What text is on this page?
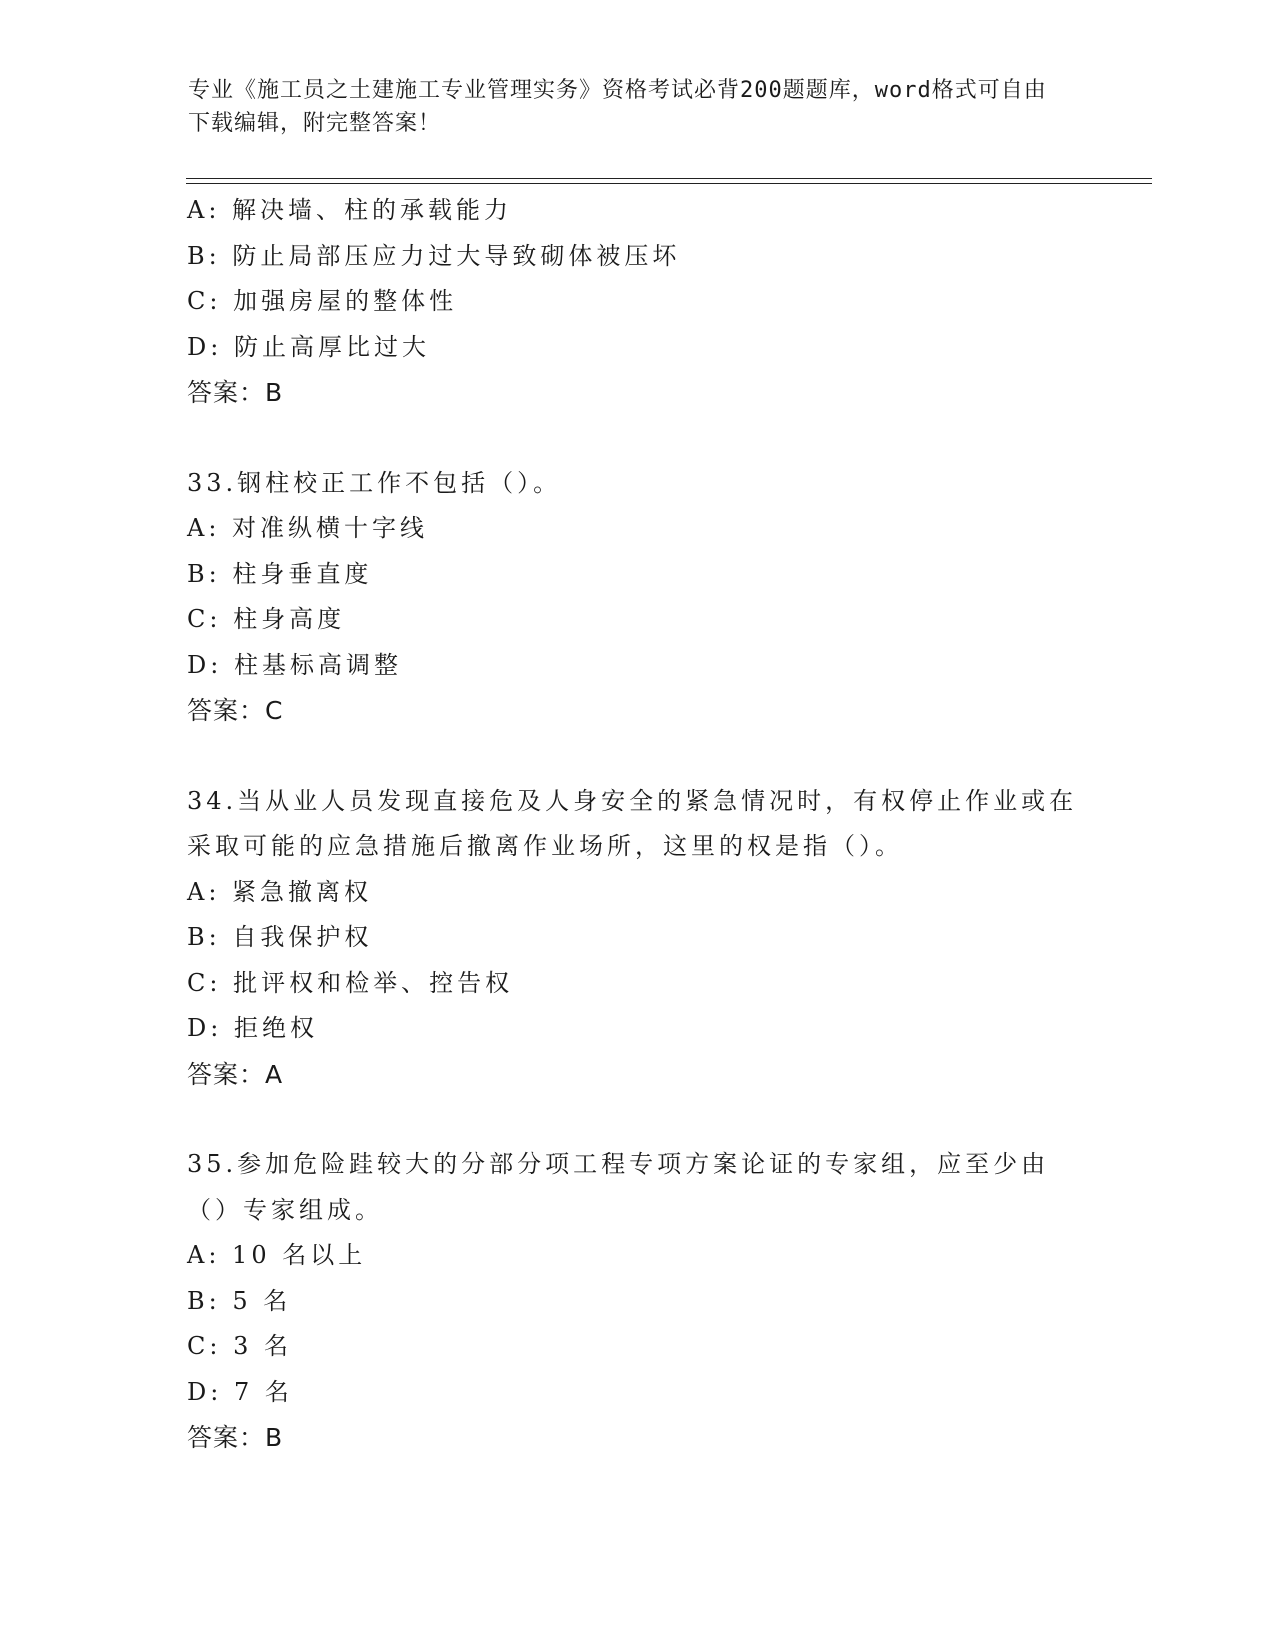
专业《施工员之土建施工专业管理实务》资格考试必背200题题库，word格式可自由下载编辑，附完整答案！
A: 解决墙、柱的承载能力
B: 防止局部压应力过大导致砌体被压坏
C: 加强房屋的整体性
D: 防止高厚比过大
答案：B
33.钢柱校正工作不包括（）。
A: 对准纵横十字线
B: 柱身垂直度
C: 柱身高度
D: 柱基标高调整
答案：C
34.当从业人员发现直接危及人身安全的紧急情况时，有权停止作业或在采取可能的应急措施后撤离作业场所，这里的权是指（）。
A: 紧急撤离权
B: 自我保护权
C: 批评权和检举、控告权
D: 拒绝权
答案：A
35.参加危险跬较大的分部分项工程专项方案论证的专家组，应至少由（）专家组成。
A: 10 名以上
B: 5 名
C: 3 名
D: 7 名
答案：B
